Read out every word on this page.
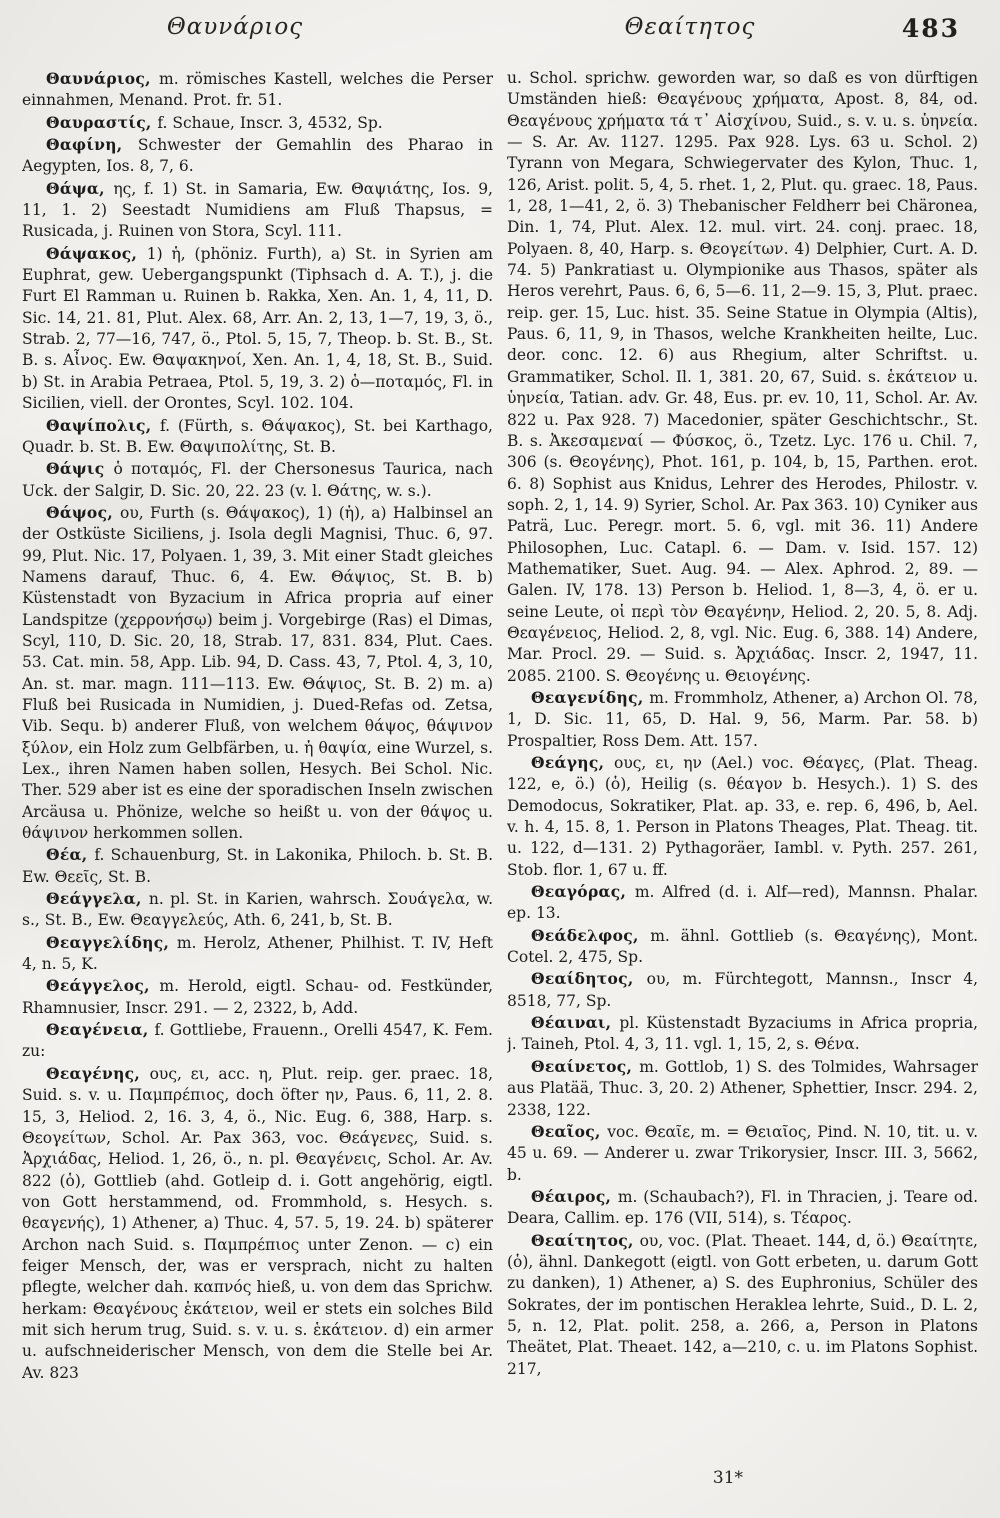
Θαυνάριος	Θεαίτητος	483

Θαυνάριος, m. römisches Kastell, welches die Perser einnahmen, Menand. Prot. fr. 51.

Θαυραστίς, f. Schaue, Inscr. 3, 4532, Sp.

Θαφίνη, Schwester der Gemahlin des Pharao in Aegypten, Ios. 8, 7, 6.

Θάψα, ης, f. 1) St. in Samaria, Ew. Θαψιάτης, Ios. 9, 11, 1. 2) Seestadt Numidiens am Fluß Thapsus, = Rusicada, j. Ruinen von Stora, Scyl. 111.

Θάψακος, 1) ἡ, (phöniz. Furth), a) St. in Syrien am Euphrat, gew. Uebergangspunkt (Tiphsach d. A. T.), j. die Furt El Ramman u. Ruinen b. Rakka, Xen. An. 1, 4, 11, D. Sic. 14, 21. 81, Plut. Alex. 68, Arr. An. 2, 13, 1—7, 19, 3, ö., Strab. 2, 77—16, 747, ö., Ptol. 5, 15, 7, Theop. b. St. B., St. B. s. Αἶνος. Ew. Θαψακηνοί, Xen. An. 1, 4, 18, St. B., Suid. b) St. in Arabia Petraea, Ptol. 5, 19, 3. 2) ὁ—ποταμός, Fl. in Sicilien, viell. der Orontes, Scyl. 102. 104.

Θαψίπολις, f. (Fürth, s. Θάψακος), St. bei Karthago, Quadr. b. St. B. Ew. Θαψιπολίτης, St. B.

Θάψις ὁ ποταμός, Fl. der Chersonesus Taurica, nach Uck. der Salgir, D. Sic. 20, 22. 23 (v. l. Θάτης, w. s.).

Θάψος, ου, Furth (s. Θάψακος), 1) (ἡ), a) Halbinsel an der Ostküste Siciliens, j. Isola degli Magnisi, Thuc. 6, 97. 99, Plut. Nic. 17, Polyaen. 1, 39, 3. Mit einer Stadt gleiches Namens darauf, Thuc. 6, 4. Ew. Θάψιος, St. B. b) Küstenstadt von Byzacium in Africa propria auf einer Landspitze (χερρονήσῳ) beim j. Vorgebirge (Ras) el Dimas, Scyl, 110, D. Sic. 20, 18, Strab. 17, 831. 834, Plut. Caes. 53. Cat. min. 58, App. Lib. 94, D. Cass. 43, 7, Ptol. 4, 3, 10, An. st. mar. magn. 111—113. Ew. Θάψιος, St. B. 2) m. a) Fluß bei Rusicada in Numidien, j. Dued-Refas od. Zetsa, Vib. Sequ. b) anderer Fluß, von welchem θάψος, θάψινον ξύλον, ein Holz zum Gelbfärben, u. ἡ θαψία, eine Wurzel, s. Lex., ihren Namen haben sollen, Hesych. Bei Schol. Nic. Ther. 529 aber ist es eine der sporadischen Inseln zwischen Arcäusa u. Phönize, welche so heißt u. von der θάψος u. θάψινον herkommen sollen.

Θέα, f. Schauenburg, St. in Lakonika, Philoch. b. St. B. Ew. Θεεῖς, St. B.

Θεάγγελα, n. pl. St. in Karien, wahrsch. Σουάγελα, w. s., St. B., Ew. Θεαγγελεύς, Ath. 6, 241, b, St. B.

Θεαγγελίδης, m. Herolz, Athener, Philhist. T. IV, Heft 4, n. 5, K.

Θεάγγελος, m. Herold, eigtl. Schau- od. Festkünder, Rhamnusier, Inscr. 291. — 2, 2322, b, Add.

Θεαγένεια, f. Gottliebe, Frauenn., Orelli 4547, K. Fem. zu:

Θεαγένης, ους, ει, acc. η, Plut. reip. ger. praec. 18, Suid. s. v. u. Παμπρέπιος, doch öfter ην, Paus. 6, 11, 2. 8. 15, 3, Heliod. 2, 16. 3, 4, ö., Nic. Eug. 6, 388, Harp. s. Θεογείτων, Schol. Ar. Pax 363, voc. Θεάγενες, Suid. s. Ἀρχιάδας, Heliod. 1, 26, ö., n. pl. Θεαγένεις, Schol. Ar. Av. 822 (ὁ), Gottlieb (ahd. Gotleip d. i. Gott angehörig, eigtl. von Gott herstammend, od. Frommhold, s. Hesych. s. θεαγενής), 1) Athener, a) Thuc. 4, 57. 5, 19. 24. b) späterer Archon nach Suid. s. Παμπρέπιος unter Zenon. — c) ein feiger Mensch, der, was er versprach, nicht zu halten pflegte, welcher dah. καπνός hieß, u. von dem das Sprichw. herkam: Θεαγένους ἑκάτειον, weil er stets ein solches Bild mit sich herum trug, Suid. s. v. u. s. ἑκάτειον. d) ein armer u. aufschneiderischer Mensch, von dem die Stelle bei Ar. Av. 823

u. Schol. sprichw. geworden war, so daß es von dürftigen Umständen hieß: Θεαγένους χρήματα, Apost. 8, 84, od. Θεαγένους χρήματα τά τ᾽ Αἰσχίνου, Suid., s. v. u. s. ὑηνεία. — S. Ar. Av. 1127. 1295. Pax 928. Lys. 63 u. Schol. 2) Tyrann von Megara, Schwiegervater des Kylon, Thuc. 1, 126, Arist. polit. 5, 4, 5. rhet. 1, 2, Plut. qu. graec. 18, Paus. 1, 28, 1—41, 2, ö. 3) Thebanischer Feldherr bei Chäronea, Din. 1, 74, Plut. Alex. 12. mul. virt. 24. conj. praec. 18, Polyaen. 8, 40, Harp. s. Θεογείτων. 4) Delphier, Curt. A. D. 74. 5) Pankratiast u. Olympionike aus Thasos, später als Heros verehrt, Paus. 6, 6, 5—6. 11, 2—9. 15, 3, Plut. praec. reip. ger. 15, Luc. hist. 35. Seine Statue in Olympia (Altis), Paus. 6, 11, 9, in Thasos, welche Krankheiten heilte, Luc. deor. conc. 12. 6) aus Rhegium, alter Schriftst. u. Grammatiker, Schol. Il. 1, 381. 20, 67, Suid. s. ἑκάτειον u. ὑηνεία, Tatian. adv. Gr. 48, Eus. pr. ev. 10, 11, Schol. Ar. Av. 822 u. Pax 928. 7) Macedonier, später Geschichtschr., St. B. s. Ἀκεσαμεναί — Φύσκος, ö., Tzetz. Lyc. 176 u. Chil. 7, 306 (s. Θεογένης), Phot. 161, p. 104, b, 15, Parthen. erot. 6. 8) Sophist aus Knidus, Lehrer des Herodes, Philostr. v. soph. 2, 1, 14. 9) Syrier, Schol. Ar. Pax 363. 10) Cyniker aus Paträ, Luc. Peregr. mort. 5. 6, vgl. mit 36. 11) Andere Philosophen, Luc. Catapl. 6. — Dam. v. Isid. 157. 12) Mathematiker, Suet. Aug. 94. — Alex. Aphrod. 2, 89. — Galen. IV, 178. 13) Person b. Heliod. 1, 8—3, 4, ö. er u. seine Leute, οἱ περὶ τὸν Θεαγένην, Heliod. 2, 20. 5, 8. Adj. Θεαγένειος, Heliod. 2, 8, vgl. Nic. Eug. 6, 388. 14) Andere, Mar. Procl. 29. — Suid. s. Ἀρχιάδας. Inscr. 2, 1947, 11. 2085. 2100. S. Θεογένης u. Θειογένης.

Θεαγενίδης, m. Frommholz, Athener, a) Archon Ol. 78, 1, D. Sic. 11, 65, D. Hal. 9, 56, Marm. Par. 58. b) Prospaltier, Ross Dem. Att. 157.

Θεάγης, ους, ει, ην (Ael.) voc. Θέαγες, (Plat. Theag. 122, e, ö.) (ὁ), Heilig (s. θέαγον b. Hesych.). 1) S. des Demodocus, Sokratiker, Plat. ap. 33, e. rep. 6, 496, b, Ael. v. h. 4, 15. 8, 1. Person in Platons Theages, Plat. Theag. tit. u. 122, d—131. 2) Pythagoräer, Iambl. v. Pyth. 257. 261, Stob. flor. 1, 67 u. ff.

Θεαγόρας, m. Alfred (d. i. Alf—red), Mannsn. Phalar. ep. 13.

Θεάδελφος, m. ähnl. Gottlieb (s. Θεαγένης), Mont. Cotel. 2, 475, Sp.

Θεαίδητος, ου, m. Fürchtegott, Mannsn., Inscr 4, 8518, 77, Sp.

Θέαιναι, pl. Küstenstadt Byzaciums in Africa propria, j. Taineh, Ptol. 4, 3, 11. vgl. 1, 15, 2, s. Θένα.

Θεαίνετος, m. Gottlob, 1) S. des Tolmides, Wahrsager aus Platää, Thuc. 3, 20. 2) Athener, Sphettier, Inscr. 294. 2, 2338, 122.

Θεαῖος, voc. Θεαῖε, m. = Θειαῖος, Pind. N. 10, tit. u. v. 45 u. 69. — Anderer u. zwar Trikorysier, Inscr. III. 3, 5662, b.

Θέαιρος, m. (Schaubach?), Fl. in Thracien, j. Teare od. Deara, Callim. ep. 176 (VII, 514), s. Τέαρος.

Θεαίτητος, ου, voc. (Plat. Theaet. 144, d, ö.) Θεαίτητε, (ὁ), ähnl. Dankegott (eigtl. von Gott erbeten, u. darum Gott zu danken), 1) Athener, a) S. des Euphronius, Schüler des Sokrates, der im pontischen Heraklea lehrte, Suid., D. L. 2, 5, n. 12, Plat. polit. 258, a. 266, a, Person in Platons Theätet, Plat. Theaet. 142, a—210, c. u. im Platons Sophist. 217,

31*
